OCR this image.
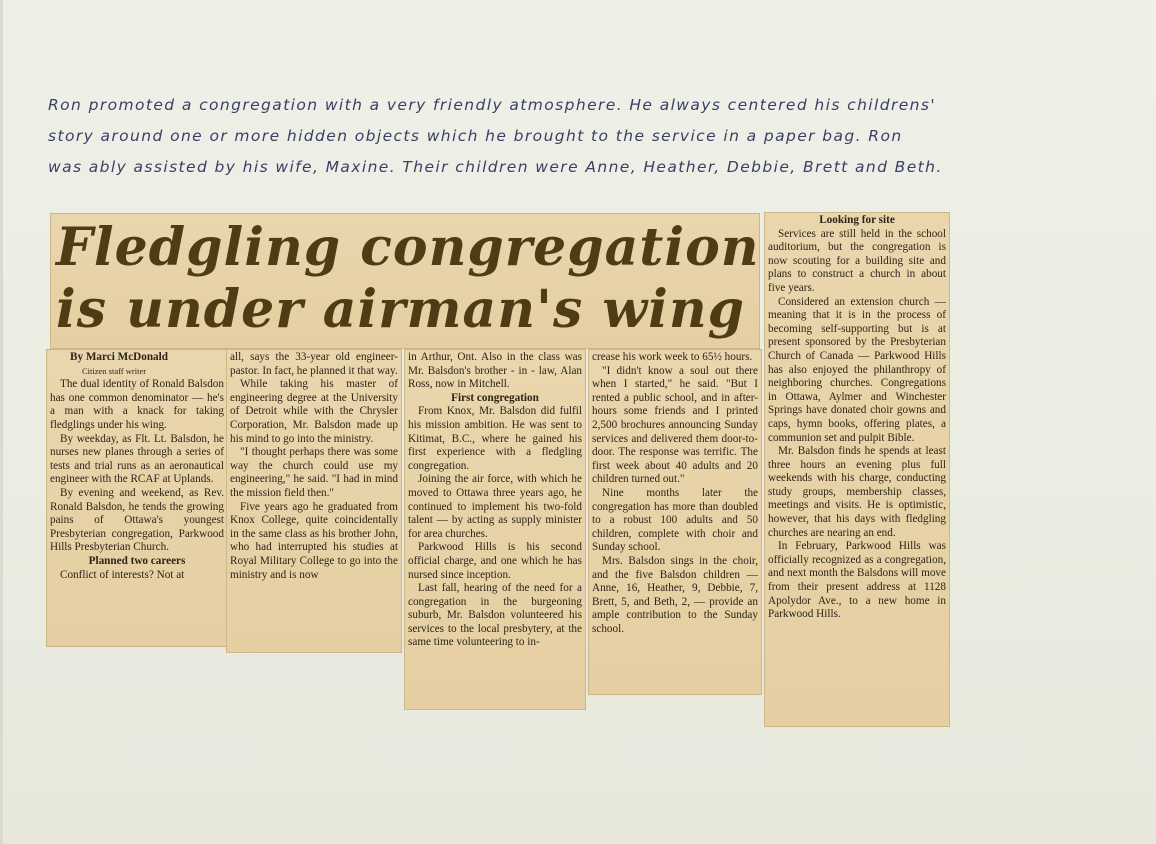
Ron promoted a congregation with a very friendly atmosphere. He always centered his childrens'
story around one or more hidden objects which he brought to the service in a paper bag. Ron
was ably assisted by his wife, Maxine. Their children were Anne, Heather, Debbie, Brett and Beth.
Fledgling congregation
is under airman's wing

By Marci McDonald

Citizen staff writer

The dual identity of Ronald Balsdon has one common denominator — he's a man with a knack for taking fledglings under his wing.

By weekday, as Flt. Lt. Balsdon, he nurses new planes through a series of tests and trial runs as an aeronautical engineer with the RCAF at Uplands.

By evening and weekend, as Rev. Ronald Balsdon, he tends the growing pains of Ottawa's youngest Presbyterian congregation, Parkwood Hills Presbyterian Church.

Planned two careers

Conflict of interests? Not at

all, says the 33-year old engineer-pastor. In fact, he planned it that way.

While taking his master of engineering degree at the University of Detroit while with the Chrysler Corporation, Mr. Balsdon made up his mind to go into the ministry.

"I thought perhaps there was some way the church could use my engineering," he said. "I had in mind the mission field then."

Five years ago he graduated from Knox College, quite coincidentally in the same class as his brother John, who had interrupted his studies at Royal Military College to go into the ministry and is now

in Arthur, Ont. Also in the class was Mr. Balsdon's brother - in - law, Alan Ross, now in Mitchell.

First congregation

From Knox, Mr. Balsdon did fulfil his mission ambition. He was sent to Kitimat, B.C., where he gained his first experience with a fledgling congregation.

Joining the air force, with which he moved to Ottawa three years ago, he continued to implement his two-fold talent — by acting as supply minister for area churches.

Parkwood Hills is his second official charge, and one which he has nursed since inception.

Last fall, hearing of the need for a congregation in the burgeoning suburb, Mr. Balsdon volunteered his services to the local presbytery, at the same time volunteering to in-

crease his work week to 65½ hours.

"I didn't know a soul out there when I started," he said. "But I rented a public school, and in after-hours some friends and I printed 2,500 brochures announcing Sunday services and delivered them door-to-door. The response was terrific. The first week about 40 adults and 20 children turned out."

Nine months later the congregation has more than doubled to a robust 100 adults and 50 children, complete with choir and Sunday school.

Mrs. Balsdon sings in the choir, and the five Balsdon children — Anne, 16, Heather, 9, Debbie, 7, Brett, 5, and Beth, 2, — provide an ample contribution to the Sunday school.

Looking for site

Services are still held in the school auditorium, but the congregation is now scouting for a building site and plans to construct a church in about five years.

Considered an extension church — meaning that it is in the process of becoming self-supporting but is at present sponsored by the Presbyterian Church of Canada — Parkwood Hills has also enjoyed the philanthropy of neighboring churches. Congregations in Ottawa, Aylmer and Winchester Springs have donated choir gowns and caps, hymn books, offering plates, a communion set and pulpit Bible.

Mr. Balsdon finds he spends at least three hours an evening plus full weekends with his charge, conducting study groups, membership classes, meetings and visits. He is optimistic, however, that his days with fledgling churches are nearing an end.

In February, Parkwood Hills was officially recognized as a congregation, and next month the Balsdons will move from their present address at 1128 Apolydor Ave., to a new home in Parkwood Hills.
